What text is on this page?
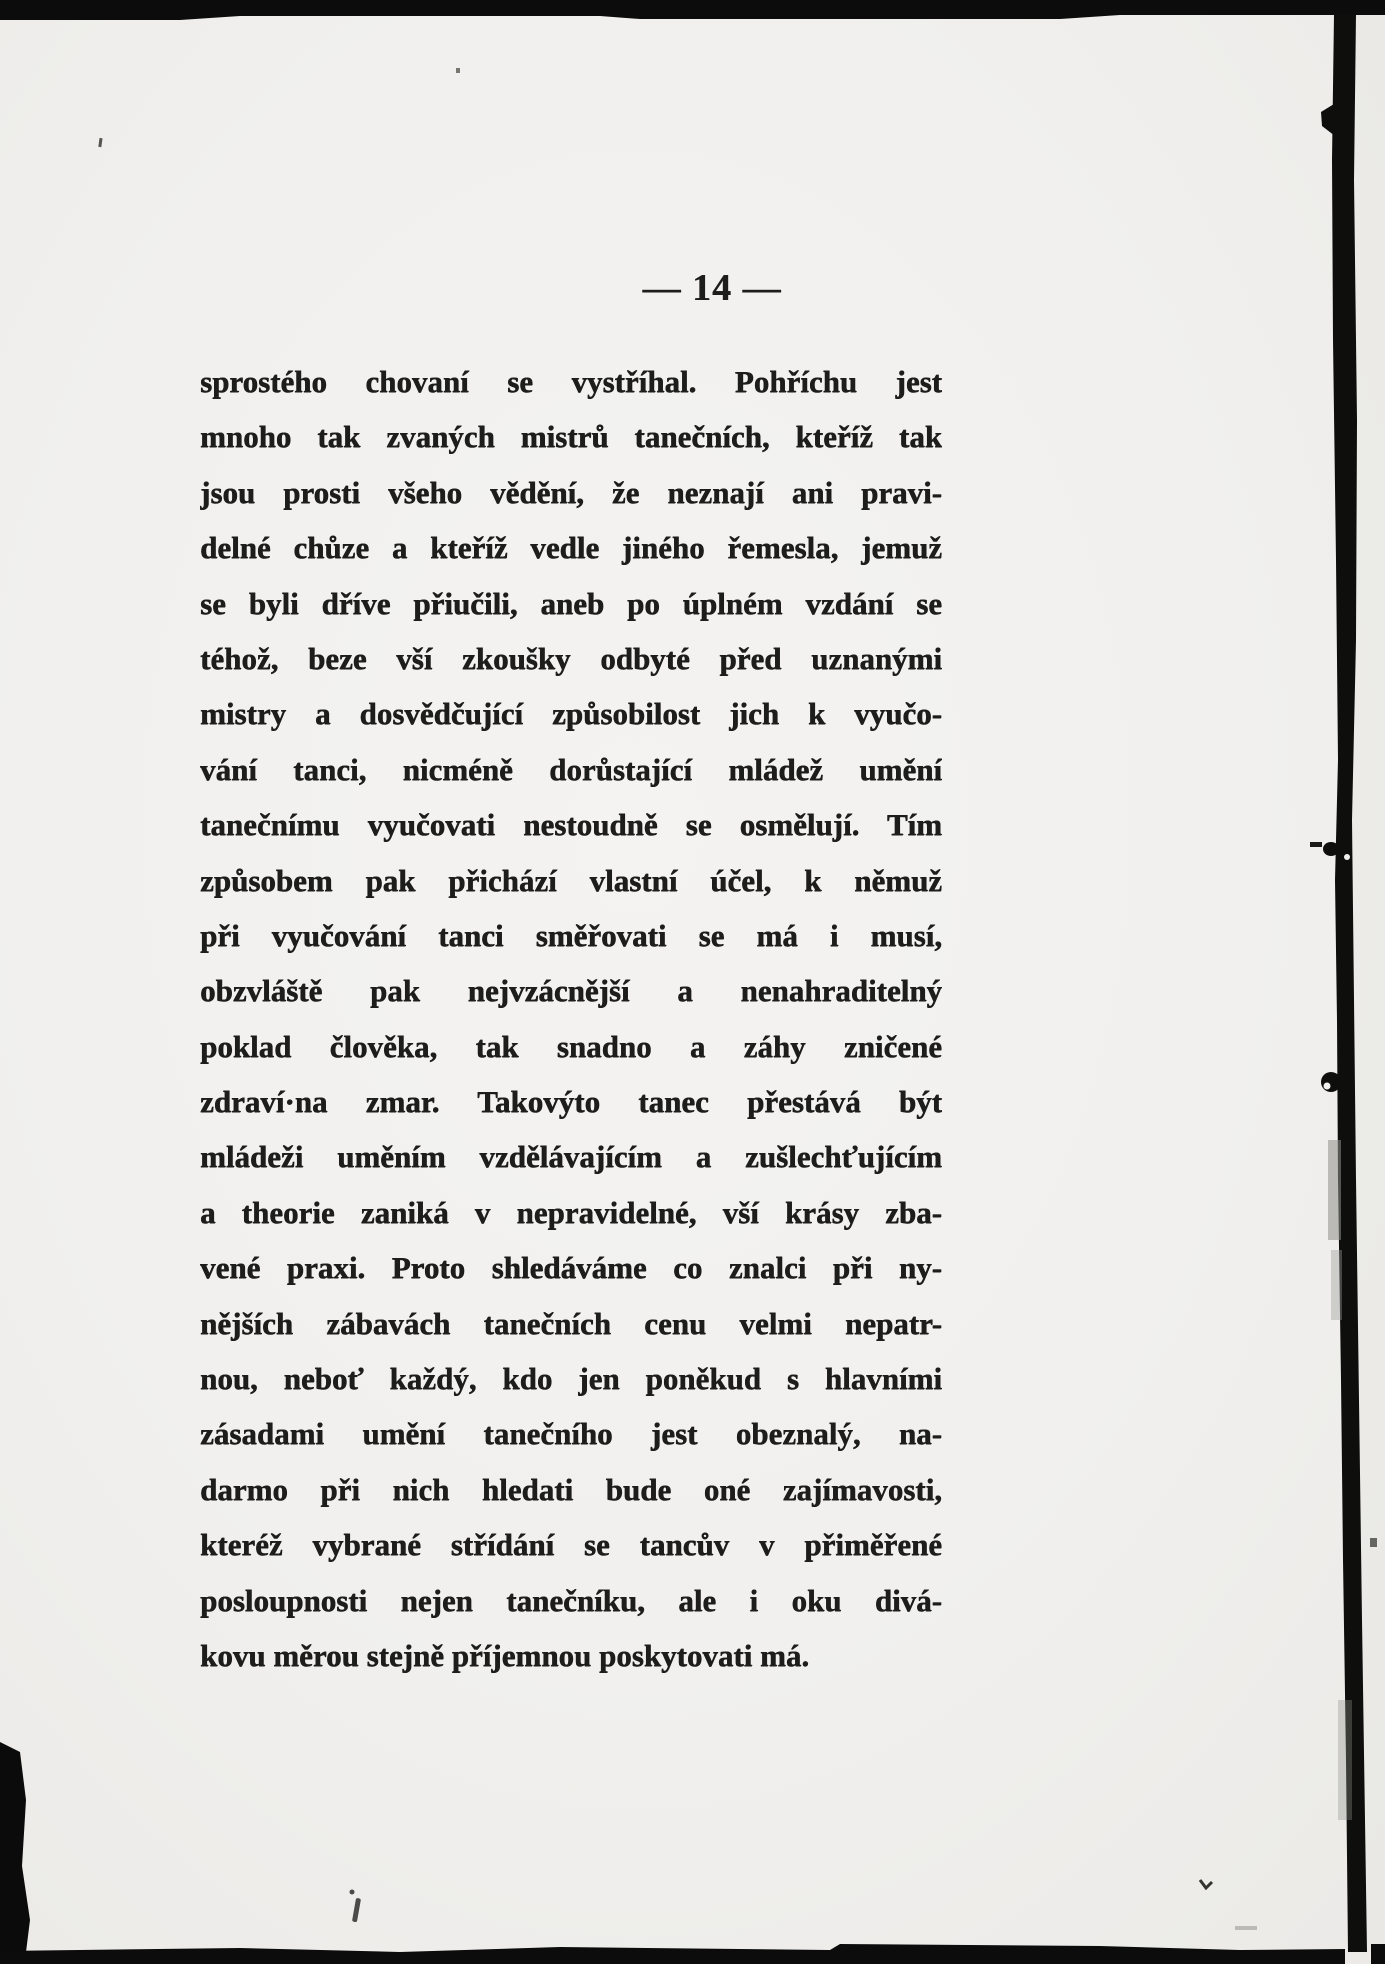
— 14 —
sprostého chovaní se vystříhal. Pohříchu jest
mnoho tak zvaných mistrů tanečních, kteříž tak
jsou prosti všeho vědění, že neznají ani pravi-
delné chůze a kteříž vedle jiného řemesla, jemuž
se byli dříve přiučili, aneb po úplném vzdání se
téhož, beze vší zkoušky odbyté před uznanými
mistry a dosvědčující způsobilost jich k vyučo-
vání tanci, nicméně dorůstající mládež umění
tanečnímu vyučovati nestoudně se osmělují. Tím
způsobem pak přichází vlastní účel, k němuž
při vyučování tanci směřovati se má i musí,
obzvláště pak nejvzácnější a nenahraditelný
poklad člověka, tak snadno a záhy zničené
zdraví·na zmar. Takovýto tanec přestává být
mládeži uměním vzdělávajícím a zušlechťujícím
a theorie zaniká v nepravidelné, vší krásy zba-
vené praxi. Proto shledáváme co znalci při ny-
nějších zábavách tanečních cenu velmi nepatr-
nou, neboť každý, kdo jen poněkud s hlavními
zásadami umění tanečního jest obeznalý, na-
darmo při nich hledati bude oné zajímavosti,
kteréž vybrané střídání se tancův v přiměřené
posloupnosti nejen tanečníku, ale i oku divá-
kovu měrou stejně příjemnou poskytovati má.
